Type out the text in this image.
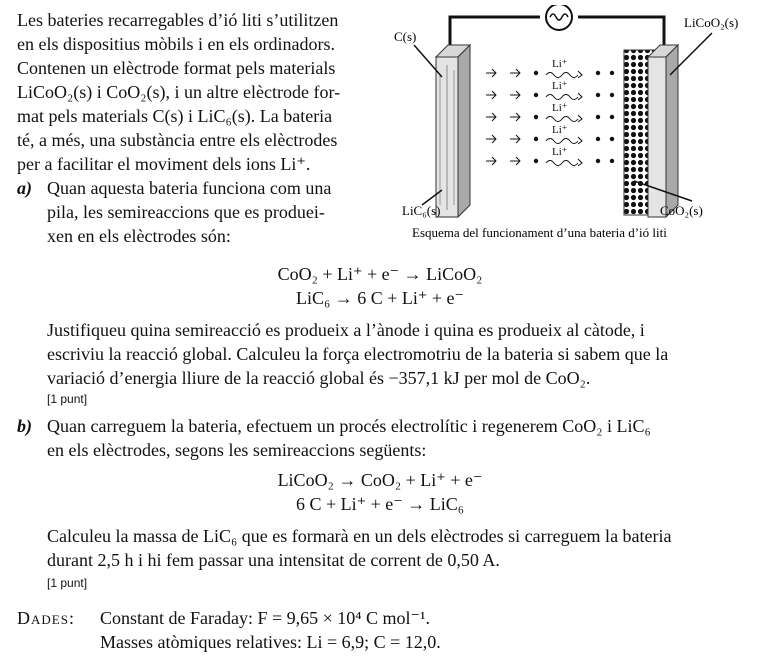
Les bateries recarregables d’ió liti s’utilitzen
en els dispositius mòbils i en els ordinadors.
Contenen un elèctrode format pels materials
LiCoO₂(s) i CoO₂(s), i un altre elèctrode for-
mat pels materials C(s) i LiC₆(s). La bateria
té, a més, una substància entre els elèctrodes
per a facilitar el moviment dels ions Li⁺.
a) Quan aquesta bateria funciona com una
pila, les semireaccions que es produei-
xen en els elèctrodes són:
Li⁺
Li⁺
Li⁺
Li⁺
Li⁺
C(s)
LiCoO₂(s)
LiC₆(s)	CoO₂(s)
Esquema del funcionament d’una bateria d’ió liti
CoO₂ + Li⁺ + e⁻ → LiCoO₂
LiC₆ → 6 C + Li⁺ + e⁻
Justifiqueu quina semireacció es produeix a l’ànode i quina es produeix al càtode, i
escriviu la reacció global. Calculeu la força electromotriu de la bateria si sabem que la
variació d’energia lliure de la reacció global és −357,1 kJ per mol de CoO₂.
[1 punt]
b) Quan carreguem la bateria, efectuem un procés electrolític i regenerem CoO₂ i LiC₆
en els elèctrodes, segons les semireaccions següents:
LiCoO₂ → CoO₂ + Li⁺ + e⁻
6 C + Li⁺ + e⁻ → LiC₆
Calculeu la massa de LiC₆ que es formarà en un dels elèctrodes si carreguem la bateria
durant 2,5 h i hi fem passar una intensitat de corrent de 0,50 A.
[1 punt]
Dades: Constant de Faraday: F = 9,65 × 10⁴ C mol⁻¹.
Masses atòmiques relatives: Li = 6,9; C = 12,0.
